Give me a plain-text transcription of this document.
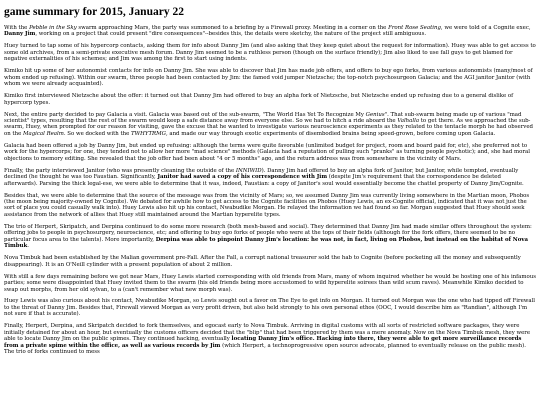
game summary for 2015, January 22

With the Pebble in the Sky swarm approaching Mars, the party was summoned to a briefing by a Firewall proxy. Meeting in a corner on the Front Rose Seating, we were told of a Cognite exec, Danny Jim, working on a project that could present "dire consequences"--besides this, the details were sketchy, the nature of the project still ambiguous.

Huey turned to tap some of his hypercorp contacts, asking them for info about Danny Jim (and also asking that they keep quiet about the request for information). Huey was able to get access to some old archives, from a semi-private executive mesh forum. Danny Jim seemed to be a ruthless person (though on the surface friendly); Jim also liked to use fall guys to get blamed for negative externalities of his schemes; and Jim was among the first to start using indents.

Kimiko hit up some of her autonomist contacts for info on Danny Jim. She was able to discover that Jim has made job offers, and offers to buy ego forks, from various autonomists (many/most of whom ended up refusing). Within our swarm, three people had been contacted by Jim: the famed void jumper Nietzsche; the top-notch psychosurgeon Galacia; and the AGI janitor Janitor (with whom we were already acquainted).

Kimiko first interviewed Nietzsche about the offer: it turned out that Danny Jim had offered to buy an alpha fork of Nietzsche, but Nietzsche ended up refusing due to a general dislike of hypercorp types.

Next, the entire party decided to pay Galacia a visit. Galacia was based out of the sub-swarm, "The World Has Yet To Recognize My Genius". That sub-swarm being made up of various "mad scientist" types, resulting that the rest of the swarm would keep a safe distance away from everyone else. So we had to hitch a ride aboard the Valhalla to get there. As we approached the sub-swarm, Huey, when prompted for our reason for visiting, gave the excuse that he wanted to investigate various neuroscience experiments as they related to the tentacle morph he had observed on the Magical Realm. So we docked with the TWHYTRMG, and made our way through exotic experiments of disembodied brains being speed-grown, before coming upon Galacia.

Galacia had been offered a job by Danny Jim, but ended up refusing: although the terms were quite favorable (unlimited budget for project, room and board paid for, etc), she preferred not to work for the hypercorps; for one, they tended not to allow her more "mad science" methods (Galacia had a reputation of pulling such "pranks" as turning people psychotic); and, she had moral objections to memory editing. She revealed that the job offer had been about "4 or 5 months" ago, and the return address was from somewhere in the vicinity of Mars.

Finally, the party interviewed Janitor (who was presently cleaning the outside of the INNIWID). Danny Jim had offered to buy an alpha fork of Janitor, but Janitor, while tempted, eventually declined (he thought he was too Faustian. Significantly, Janitor had saved a copy of his correspondence with Jim (despite Jim's requirement that the correspondence be deleted afterwards). Parsing the thick legal-ese, we were able to determine that it was, indeed, Faustian: a copy of Janitor's soul would essentially become the chattel property of Danny Jim/Cognite.

Besides that, we were able to determine that the source of the message was from the vicinity of Mars; so, we assumed Danny Jim was currently living somewhere in the Martian moon, Phobos (the moon being majority-owned by Cognite). We debated for awhile how to get access to the Cognite facilities on Phobos (Huey Lewis, an ex-Cognite official, indicated that it was not just the sort of place you could casually walk into). Huey Lewis also hit up his contact, Nwabudike Morgan. He relayed the information we had found so far. Morgan suggested that Huey should seek assistance from the network of allies that Huey still maintained around the Martian hyperelite types.

The trio of Herpert, Skripatch, and Derpina continued to do some more research (both mesh-based and social). They determined that Danny Jim had made similar offers throughout the system: offering jobs to people in psychosurgery, neuroscience, etc; and offering to buy ego forks of people who were at the tops of their fields (although for the fork offers, there seemed to be no particular focus area to the talents). More importantly, Derpina was able to pinpoint Danny Jim's location: he was not, in fact, living on Phobos, but instead on the habitat of Nova Timbuk.

Nova Timbuk had been established by the Malian government pre-Fall. After the Fall, a corrupt national treasurer sold the hab to Cognite (before pocketing all the money and subsequently disappearing). It is an O'Neill cylinder with a present population of about 2 million.

With still a few days remaining before we got near Mars, Huey Lewis started corresponding with old friends from Mars, many of whom inquired whether he would be hosting one of his infamous parties; some were disappointed that Huey invited them to the swarm (his old friends being more accustomed to wild hyperelite soirees than wild scum raves). Meanwhile Kimiko decided to swap out morphs, from her old sylvan, to a (can't remember what new morph was).

Huey Lewis was also curious about his contact, Nwabudike Morgan, so Lewis sought out a favor on The Eye to get info on Morgan. It turned out Morgan was the one who had tipped off Firewall to the threat of Danny Jim. Besides that, Firewall viewed Morgan as very profit driven, but also held strongly to his own personal ethos (OOC, I would describe him as "Randian", although I'm not sure if that is accurate).

Finally, Herpert, Derpina, and Skripatch decided to fork themselves, and egocast early to Nova Timbuk. Arriving in digital customs with all sorts of restricted software packages, they were initially detained for about an hour, but eventually the customs officers decided that the "blip" that had been triggered by them was a mere anomaly. Now on the Nova Timbuk mesh, they were able to locate Danny Jim on the public spimes. They continued hacking, eventually locating Danny Jim's office. Hacking into there, they were able to get more surveillance records from a private spime within the office, as well as various records by Jim (which Herpert, a technoprogressive open source advocate, planned to eventually release on the public mesh). The trio of forks continued to mess
